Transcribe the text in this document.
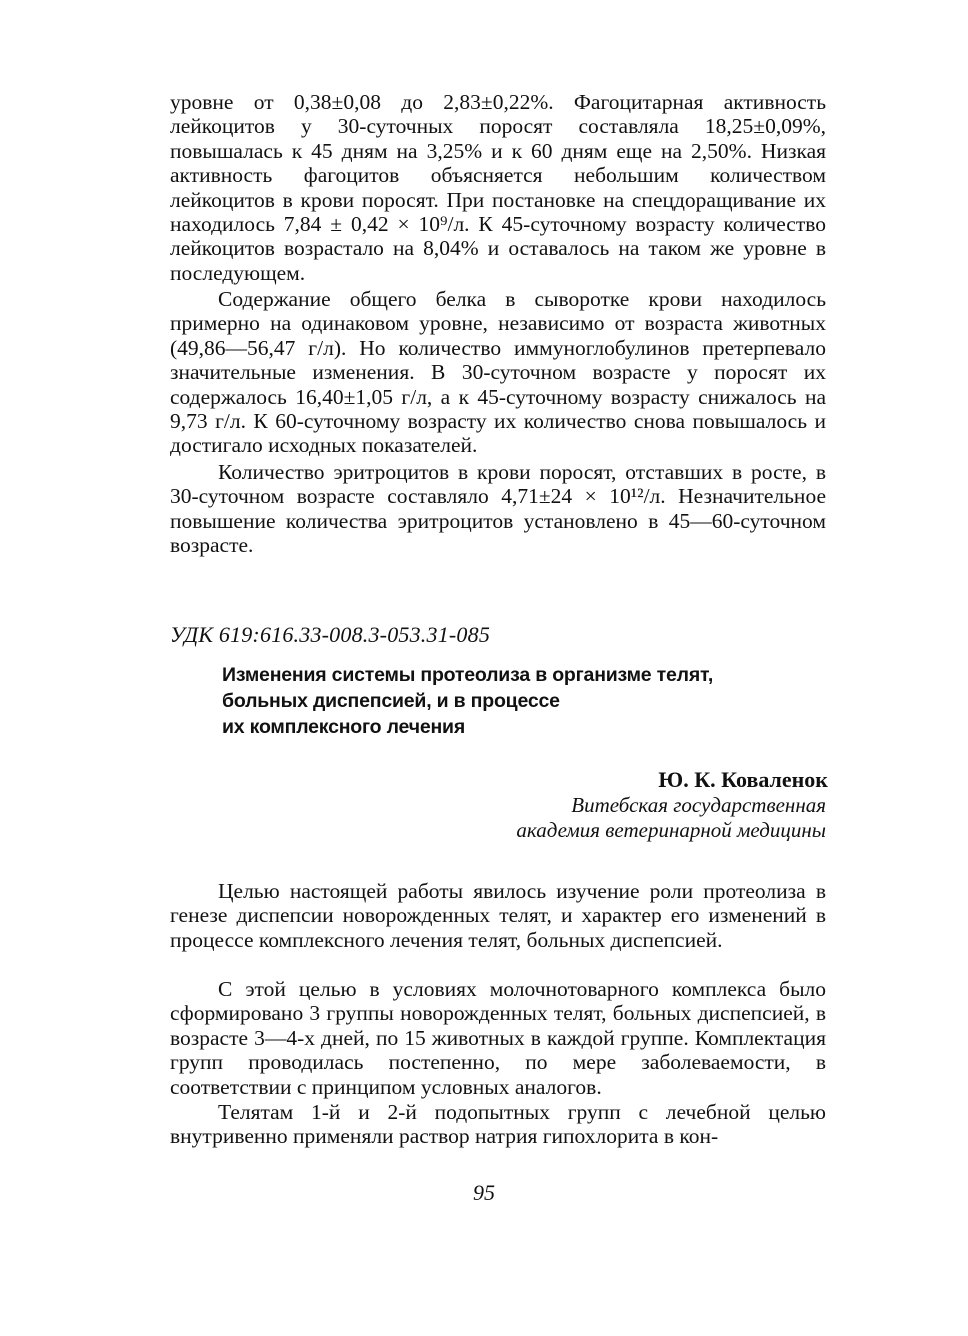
уровне от 0,38±0,08 до 2,83±0,22%. Фагоцитарная активность лейкоцитов у 30-суточных поросят составляла 18,25±0,09%, повышалась к 45 дням на 3,25% и к 60 дням еще на 2,50%. Низкая активность фагоцитов объясняется небольшим количеством лейкоцитов в крови поросят. При постановке на спецдоращивание их находилось 7,84 ± 0,42 × 10⁹/л. К 45-суточному возрасту количество лейкоцитов возрастало на 8,04% и оставалось на таком же уровне в последующем.

Содержание общего белка в сыворотке крови находилось примерно на одинаковом уровне, независимо от возраста животных (49,86—56,47 г/л). Но количество иммуноглобулинов претерпевало значительные изменения. В 30-суточном возрасте у поросят их содержалось 16,40±1,05 г/л, а к 45-суточному возрасту снижалось на 9,73 г/л. К 60-суточному возрасту их количество снова повышалось и достигало исходных показателей.

Количество эритроцитов в крови поросят, отставших в росте, в 30-суточном возрасте составляло 4,71±24 × 10¹²/л. Незначительное повышение количества эритроцитов установлено в 45—60-суточном возрасте.

УДК 619:616.33-008.3-053.31-085
Изменения системы протеолиза в организме телят,
больных диспепсией, и в процессе
их комплексного лечения
Ю. К. Коваленок
Витебская государственная
академия ветеринарной медицины

Целью настоящей работы явилось изучение роли протеолиза в генезе диспепсии новорожденных телят, и характер его изменений в процессе комплексного лечения телят, больных диспепсией.

С этой целью в условиях молочнотоварного комплекса было сформировано 3 группы новорожденных телят, больных диспепсией, в возрасте 3—4-х дней, по 15 животных в каждой группе. Комплектация групп проводилась постепенно, по мере заболеваемости, в соответствии с принципом условных аналогов.

Телятам 1-й и 2-й подопытных групп с лечебной целью внутривенно применяли раствор натрия гипохлорита в кон-

95
